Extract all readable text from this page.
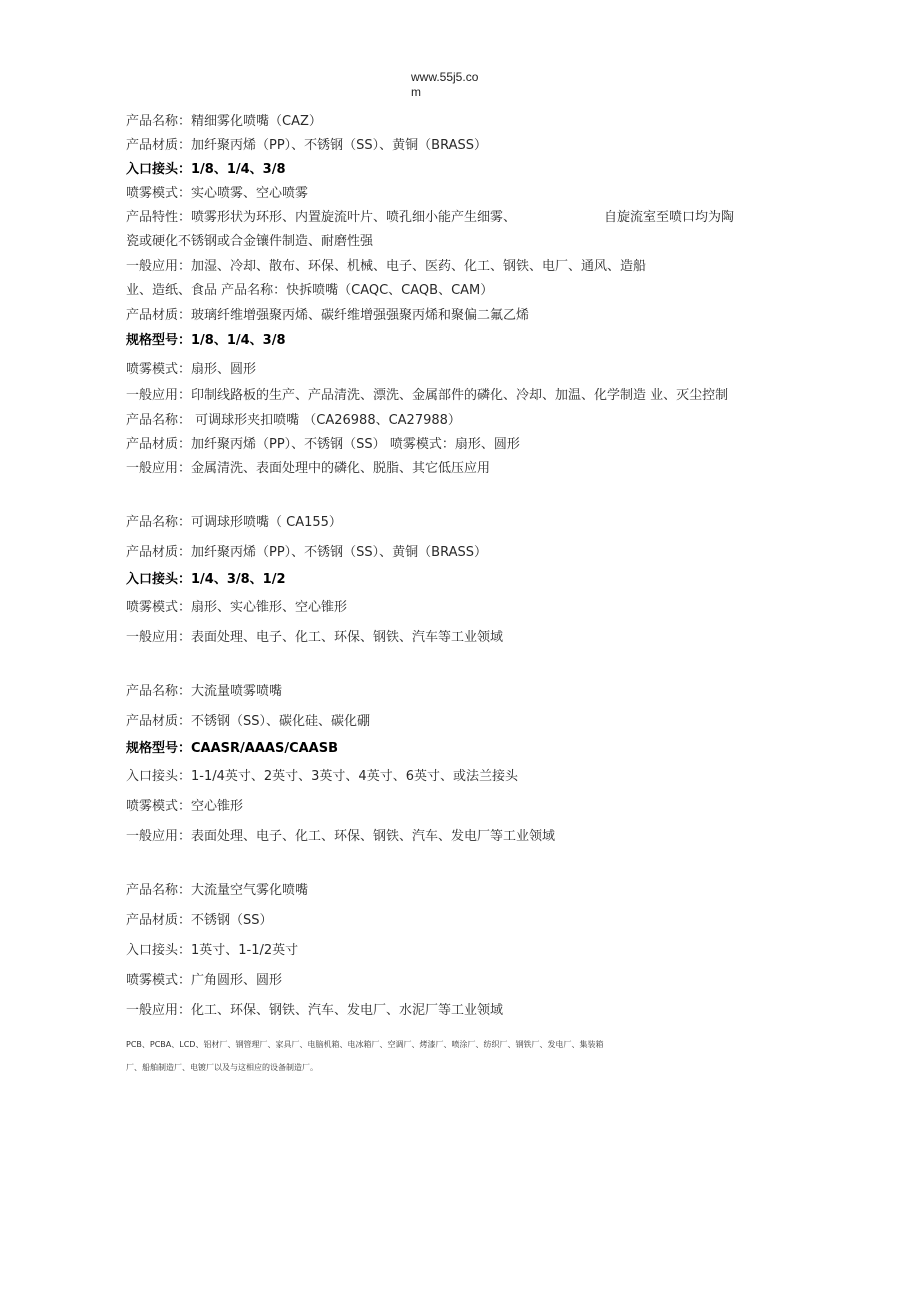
www.55j5.co
m
产品名称：精细雾化喷嘴（CAZ）
产品材质：加纤聚丙烯（PP）、不锈钢（SS）、黄铜（BRASS）
入口接头：1/8、1/4、3/8
喷雾模式：实心喷雾、空心喷雾
产品特性：喷雾形状为环形、内置旋流叶片、喷孔细小能产生细雾、	自旋流室至喷口均为陶
瓷或硬化不锈钢或合金镶件制造、耐磨性强
一般应用：加湿、冷却、散布、环保、机械、电子、医药、化工、钢铁、电厂、通风、造船
业、造纸、食品 产品名称：快拆喷嘴（CAQC、CAQB、CAM）
产品材质：玻璃纤维增强聚丙烯、碳纤维增强强聚丙烯和聚偏二氟乙烯
规格型号：1/8、1/4、3/8
喷雾模式：扇形、圆形
一般应用：印制线路板的生产、产品清洗、漂洗、金属部件的磷化、冷却、加温、化学制造 业、灭尘控制
产品名称： 可调球形夹扣喷嘴 （CA26988、CA27988）
产品材质：加纤聚丙烯（PP）、不锈钢（SS） 喷雾模式：扇形、圆形
一般应用：金属清洗、表面处理中的磷化、脱脂、其它低压应用
产品名称：可调球形喷嘴（ CA155）
产品材质：加纤聚丙烯（PP）、不锈钢（SS）、黄铜（BRASS）
入口接头：1/4、3/8、1/2
喷雾模式：扇形、实心锥形、空心锥形
一般应用：表面处理、电子、化工、环保、钢铁、汽车等工业领域
产品名称：大流量喷雾喷嘴
产品材质：不锈钢（SS）、碳化硅、碳化硼
规格型号：CAASR/AAAS/CAASB
入口接头：1-1/4英寸、2英寸、3英寸、4英寸、6英寸、或法兰接头
喷雾模式：空心锥形
一般应用：表面处理、电子、化工、环保、钢铁、汽车、发电厂等工业领域
产品名称：大流量空气雾化喷嘴
产品材质：不锈钢（SS）
入口接头：1英寸、1-1/2英寸
喷雾模式：广角圆形、圆形
一般应用：化工、环保、钢铁、汽车、发电厂、水泥厂等工业领域
PCB、PCBA、LCD、铝材厂、钢管理厂、家具厂、电脑机箱、电冰箱厂、空调厂、烤漆厂、喷涂厂、纺织厂、钢铁厂、发电厂、集装箱
厂、船舶制造厂、电镀厂以及与这相应的设备制造厂。
